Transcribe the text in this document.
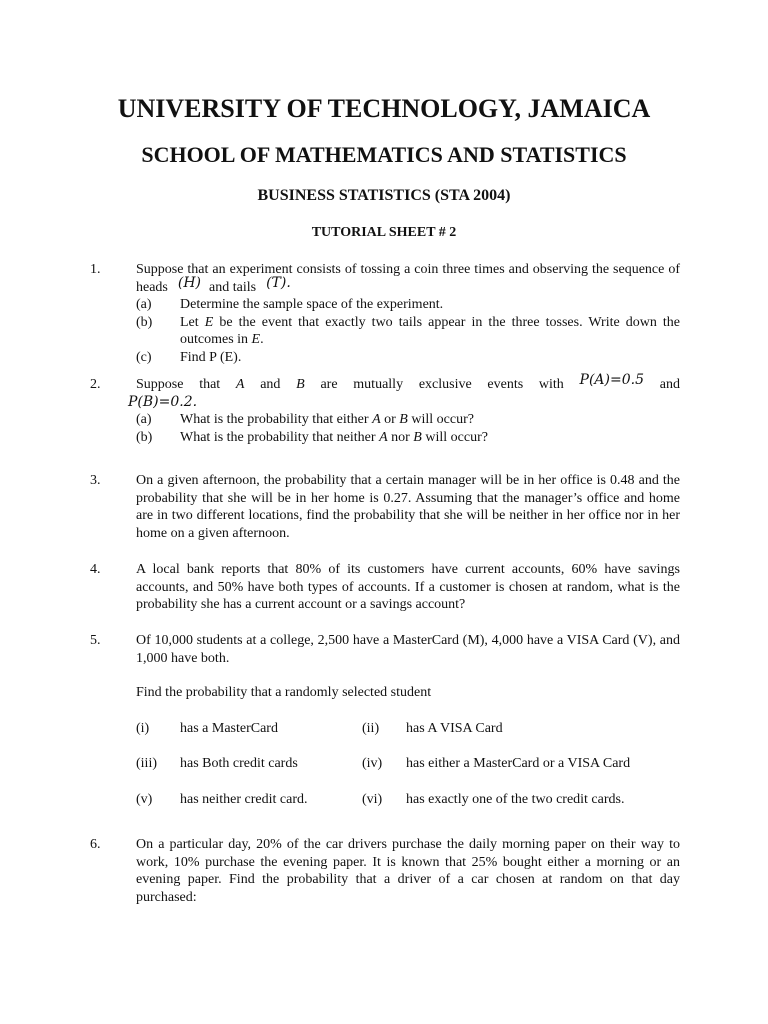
UNIVERSITY OF TECHNOLOGY, JAMAICA
SCHOOL OF MATHEMATICS AND STATISTICS
BUSINESS STATISTICS (STA 2004)
TUTORIAL SHEET # 2
1.	Suppose that an experiment consists of tossing a coin three times and observing the sequence of heads (H) and tails (T).
(a)	Determine the sample space of the experiment.
(b)	Let E be the event that exactly two tails appear in the three tosses. Write down the outcomes in E.
(c)	Find P (E).
2.	Suppose that A and B are mutually exclusive events with P(A)=0.5 and
P(B)=0.2.
(a)	What is the probability that either A or B will occur?
(b)	What is the probability that neither A nor B will occur?
3.	On a given afternoon, the probability that a certain manager will be in her office is 0.48 and the probability that she will be in her home is 0.27. Assuming that the manager’s office and home are in two different locations, find the probability that she will be neither in her office nor in her home on a given afternoon.
4.	A local bank reports that 80% of its customers have current accounts, 60% have savings accounts, and 50% have both types of accounts. If a customer is chosen at random, what is the probability she has a current account or a savings account?
5.	Of 10,000 students at a college, 2,500 have a MasterCard (M), 4,000 have a VISA Card (V), and 1,000 have both.
Find the probability that a randomly selected student
(i)	has a MasterCard	(ii)	has A VISA Card
(iii)	has Both credit cards	(iv)	has either a MasterCard or a VISA Card
(v)	has neither credit card.	(vi)	has exactly one of the two credit cards.
6.	On a particular day, 20% of the car drivers purchase the daily morning paper on their way to work, 10% purchase the evening paper. It is known that 25% bought either a morning or an evening paper. Find the probability that a driver of a car chosen at random on that day purchased:
